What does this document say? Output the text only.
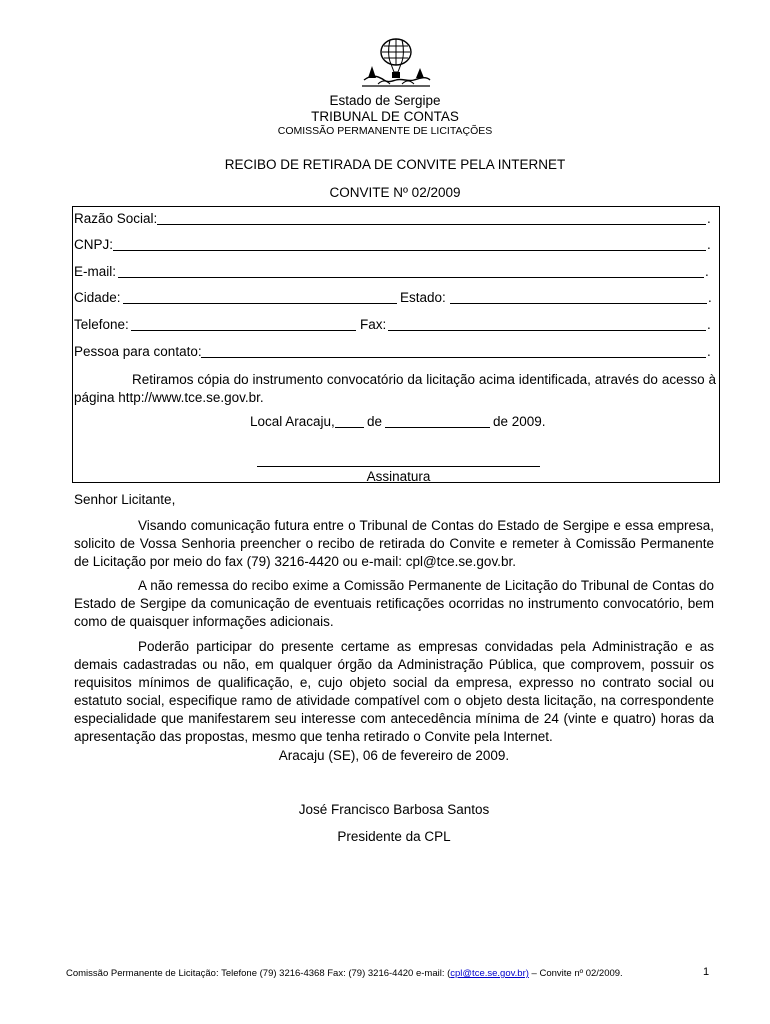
Estado de Sergipe
TRIBUNAL DE CONTAS
COMISSÃO PERMANENTE DE LICITAÇÕES
RECIBO DE RETIRADA DE CONVITE PELA INTERNET
CONVITE Nº 02/2009
Razão Social:	.
CNPJ:	.
E-mail:	.
Cidade:	Estado:	.
Telefone:	Fax:	.
Pessoa para contato:	.
Retiramos cópia do instrumento convocatório da licitação acima identificada, através do acesso à página http://www.tce.se.gov.br.
Local Aracaju, de	de 2009.
Assinatura
Senhor Licitante,
Visando comunicação futura entre o Tribunal de Contas do Estado de Sergipe e essa empresa, solicito de Vossa Senhoria preencher o recibo de retirada do Convite e remeter à Comissão Permanente de Licitação por meio do fax (79) 3216-4420 ou e-mail: cpl@tce.se.gov.br.
A não remessa do recibo exime a Comissão Permanente de Licitação do Tribunal de Contas do Estado de Sergipe da comunicação de eventuais retificações ocorridas no instrumento convocatório, bem como de quaisquer informações adicionais.
Poderão participar do presente certame as empresas convidadas pela Administração e as demais cadastradas ou não, em qualquer órgão da Administração Pública, que comprovem, possuir os requisitos mínimos de qualificação, e, cujo objeto social da empresa, expresso no contrato social ou estatuto social, especifique ramo de atividade compatível com o objeto desta licitação, na correspondente especialidade que manifestarem seu interesse com antecedência mínima de 24 (vinte e quatro) horas da apresentação das propostas, mesmo que tenha retirado o Convite pela Internet.
Aracaju (SE), 06 de fevereiro de 2009.
José Francisco Barbosa Santos
Presidente da CPL
Comissão Permanente de Licitação: Telefone (79) 3216-4368 Fax: (79) 3216-4420 e-mail: (cpl@tce.se.gov.br) – Convite nº 02/2009.	1
